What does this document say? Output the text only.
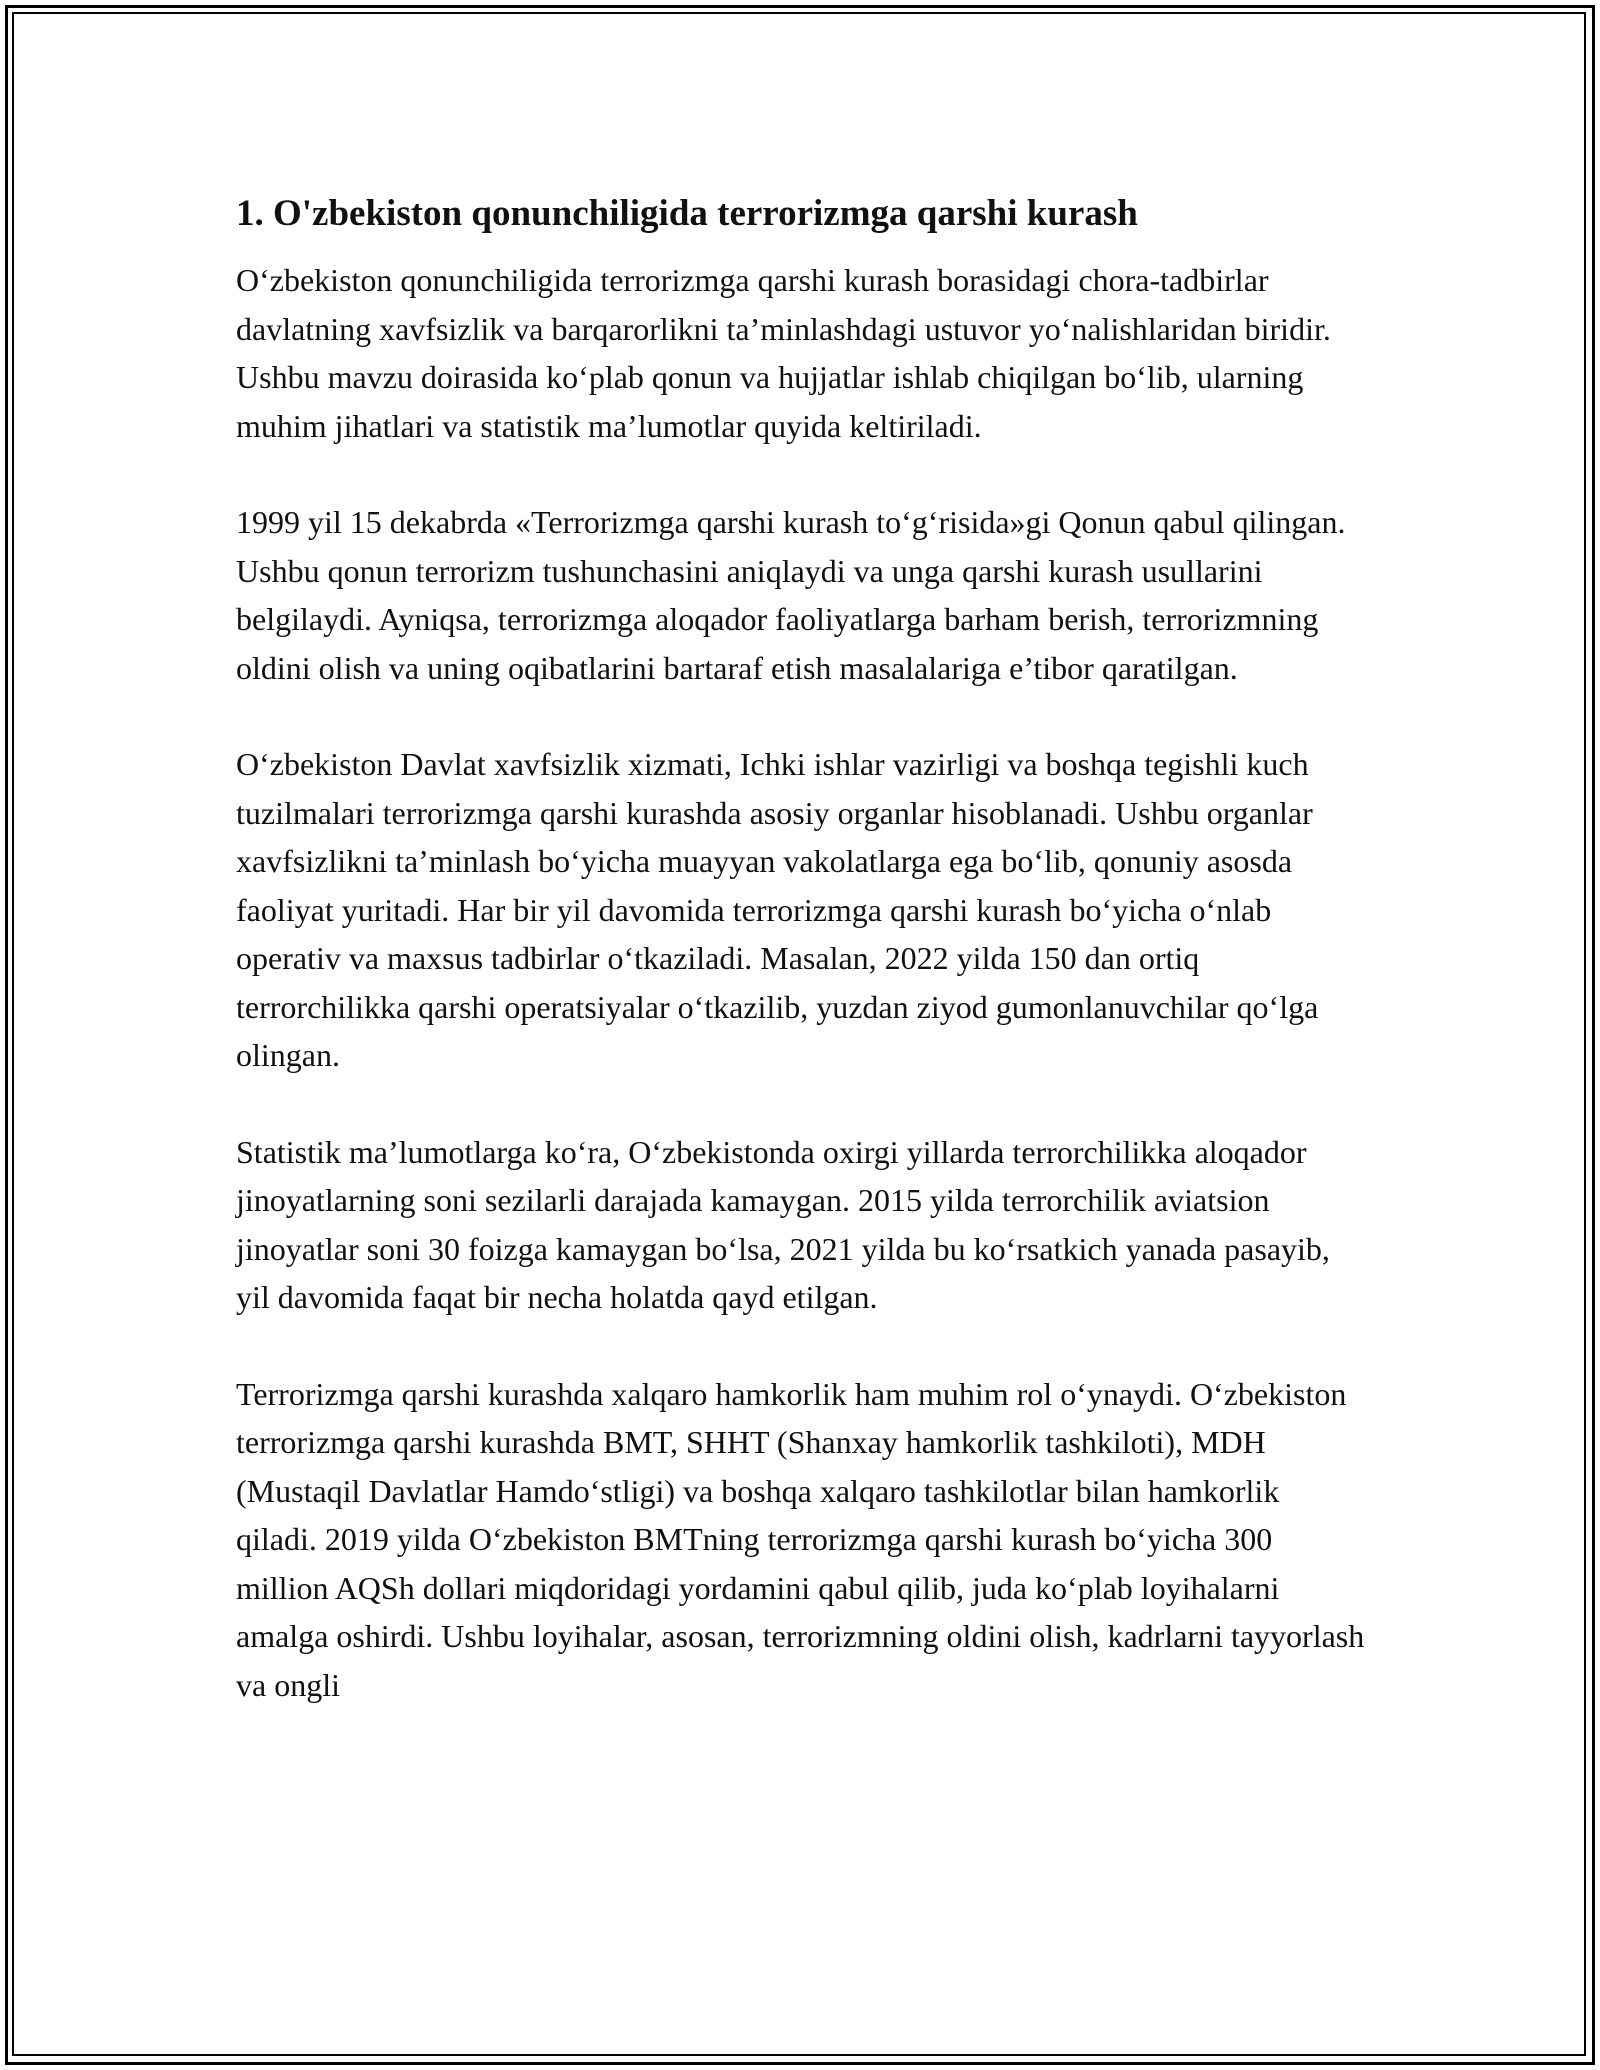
1. O'zbekiston qonunchiligida terrorizmga qarshi kurash

O‘zbekiston qonunchiligida terrorizmga qarshi kurash borasidagi chora-tadbirlar davlatning xavfsizlik va barqarorlikni ta’minlashdagi ustuvor yo‘nalishlaridan biridir. Ushbu mavzu doirasida ko‘plab qonun va hujjatlar ishlab chiqilgan bo‘lib, ularning muhim jihatlari va statistik ma’lumotlar quyida keltiriladi.

1999 yil 15 dekabrda «Terrorizmga qarshi kurash to‘g‘risida»gi Qonun qabul qilingan. Ushbu qonun terrorizm tushunchasini aniqlaydi va unga qarshi kurash usullarini belgilaydi. Ayniqsa, terrorizmga aloqador faoliyatlarga barham berish, terrorizmning oldini olish va uning oqibatlarini bartaraf etish masalalariga e’tibor qaratilgan.

O‘zbekiston Davlat xavfsizlik xizmati, Ichki ishlar vazirligi va boshqa tegishli kuch tuzilmalari terrorizmga qarshi kurashda asosiy organlar hisoblanadi. Ushbu organlar xavfsizlikni ta’minlash bo‘yicha muayyan vakolatlarga ega bo‘lib, qonuniy asosda faoliyat yuritadi. Har bir yil davomida terrorizmga qarshi kurash bo‘yicha o‘nlab operativ va maxsus tadbirlar o‘tkaziladi. Masalan, 2022 yilda 150 dan ortiq terrorchilikka qarshi operatsiyalar o‘tkazilib, yuzdan ziyod gumonlanuvchilar qo‘lga olingan.

Statistik ma’lumotlarga ko‘ra, O‘zbekistonda oxirgi yillarda terrorchilikka aloqador jinoyatlarning soni sezilarli darajada kamaygan. 2015 yilda terrorchilik aviatsion jinoyatlar soni 30 foizga kamaygan bo‘lsa, 2021 yilda bu ko‘rsatkich yanada pasayib, yil davomida faqat bir necha holatda qayd etilgan.

Terrorizmga qarshi kurashda xalqaro hamkorlik ham muhim rol o‘ynaydi. O‘zbekiston terrorizmga qarshi kurashda BMT, SHHT (Shanxay hamkorlik tashkiloti), MDH (Mustaqil Davlatlar Hamdo‘stligi) va boshqa xalqaro tashkilotlar bilan hamkorlik qiladi. 2019 yilda O‘zbekiston BMTning terrorizmga qarshi kurash bo‘yicha 300 million AQSh dollari miqdoridagi yordamini qabul qilib, juda ko‘plab loyihalarni amalga oshirdi. Ushbu loyihalar, asosan, terrorizmning oldini olish, kadrlarni tayyorlash va ongli
